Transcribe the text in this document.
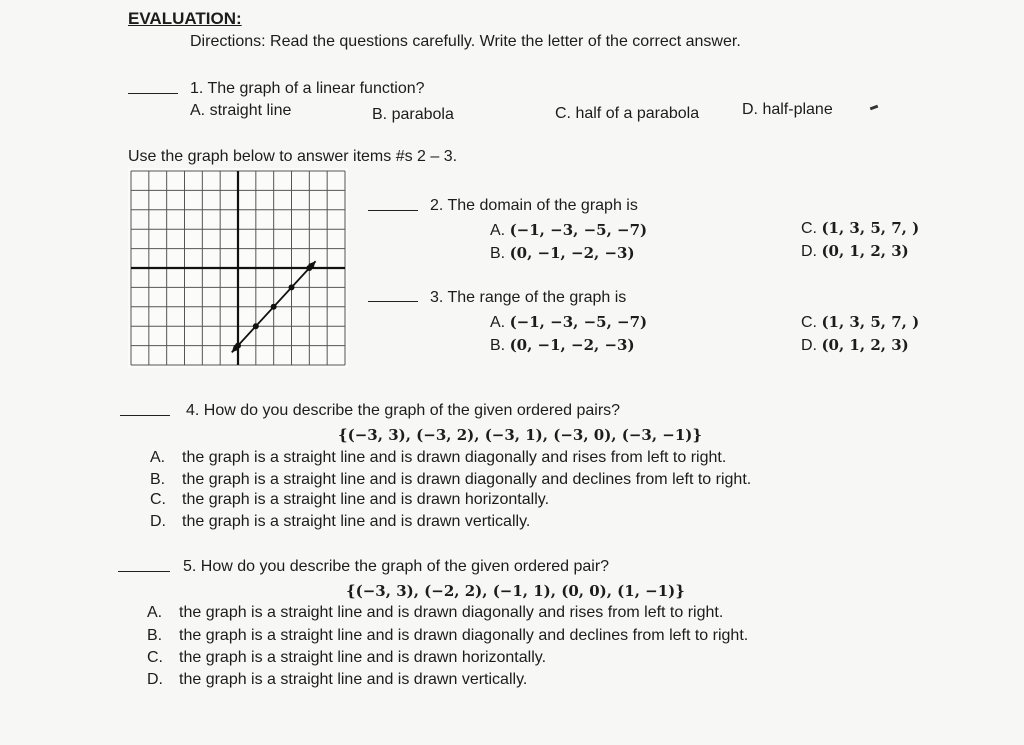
EVALUATION:
Directions: Read the questions carefully. Write the letter of the correct answer.
1. The graph of a linear function?
A. straight line	B. parabola	C. half of a parabola	D. half-plane
Use the graph below to answer items #s 2 – 3.
2. The domain of the graph is
A. (−1, −3, −5, −7)
B. (0, −1, −2, −3)
C. (1, 3, 5, 7, )
D. (0, 1, 2, 3)
3. The range of the graph is
A. (−1, −3, −5, −7)
B. (0, −1, −2, −3)
C. (1, 3, 5, 7, )
D. (0, 1, 2, 3)
4. How do you describe the graph of the given ordered pairs?
{(−3, 3), (−3, 2), (−3, 1), (−3, 0), (−3, −1)}
A. the graph is a straight line and is drawn diagonally and rises from left to right.
B. the graph is a straight line and is drawn diagonally and declines from left to right.
C. the graph is a straight line and is drawn horizontally.
D. the graph is a straight line and is drawn vertically.
5. How do you describe the graph of the given ordered pair?
{(−3, 3), (−2, 2), (−1, 1), (0, 0), (1, −1)}
A. the graph is a straight line and is drawn diagonally and rises from left to right.
B. the graph is a straight line and is drawn diagonally and declines from left to right.
C. the graph is a straight line and is drawn horizontally.
D. the graph is a straight line and is drawn vertically.
